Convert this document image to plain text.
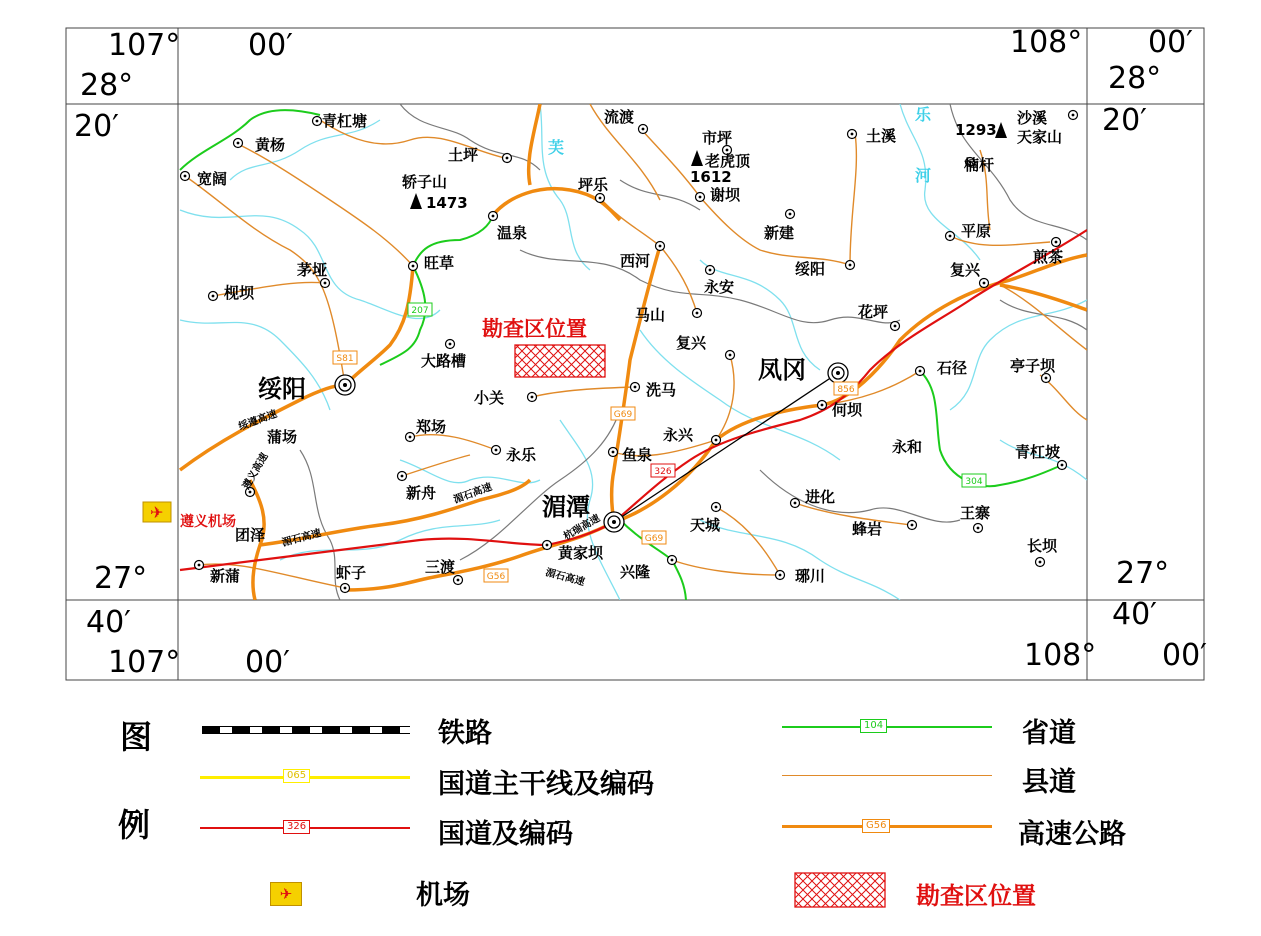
黄杨
青杠塘
宽阔
土坪
流渡
芙	市坪
老虎顶
1612
土溪	1293
沙溪
天家山
乐
轿子山
1473
坪乐
谢坝
楠杆
河
温泉	新建	平原
茅垭	旺草	西河	绥阳
永安
复兴
煎茶
枧坝
马山	花坪
大路槽
复兴
小关	洗马
石径	亭子坝
何坝
蒲场
郑场	永兴
永和	青杠坡
永乐	鱼泉
新舟
团泽
进化
遵义机场	天城	蜂岩
王寨
黄家坝	长坝
新蒲	虾子	三渡	兴隆	琊川
绥阳
凤冈
湄潭
207
S81
G69
326
856
304
G69
G56
绥遵高速
遵义高速
湄石高速
湄石高速	杭瑞高速
湄石高速
107° 00′
28°
20′
108° 00′
28°
20′
27°
40′
107° 00′
27°
40′
108° 00′
勘查区位置
✈
图
例
铁路	104	省道
065	国道主干线及编码	县道
326	国道及编码	G56	高速公路
✈	机场	勘查区位置
